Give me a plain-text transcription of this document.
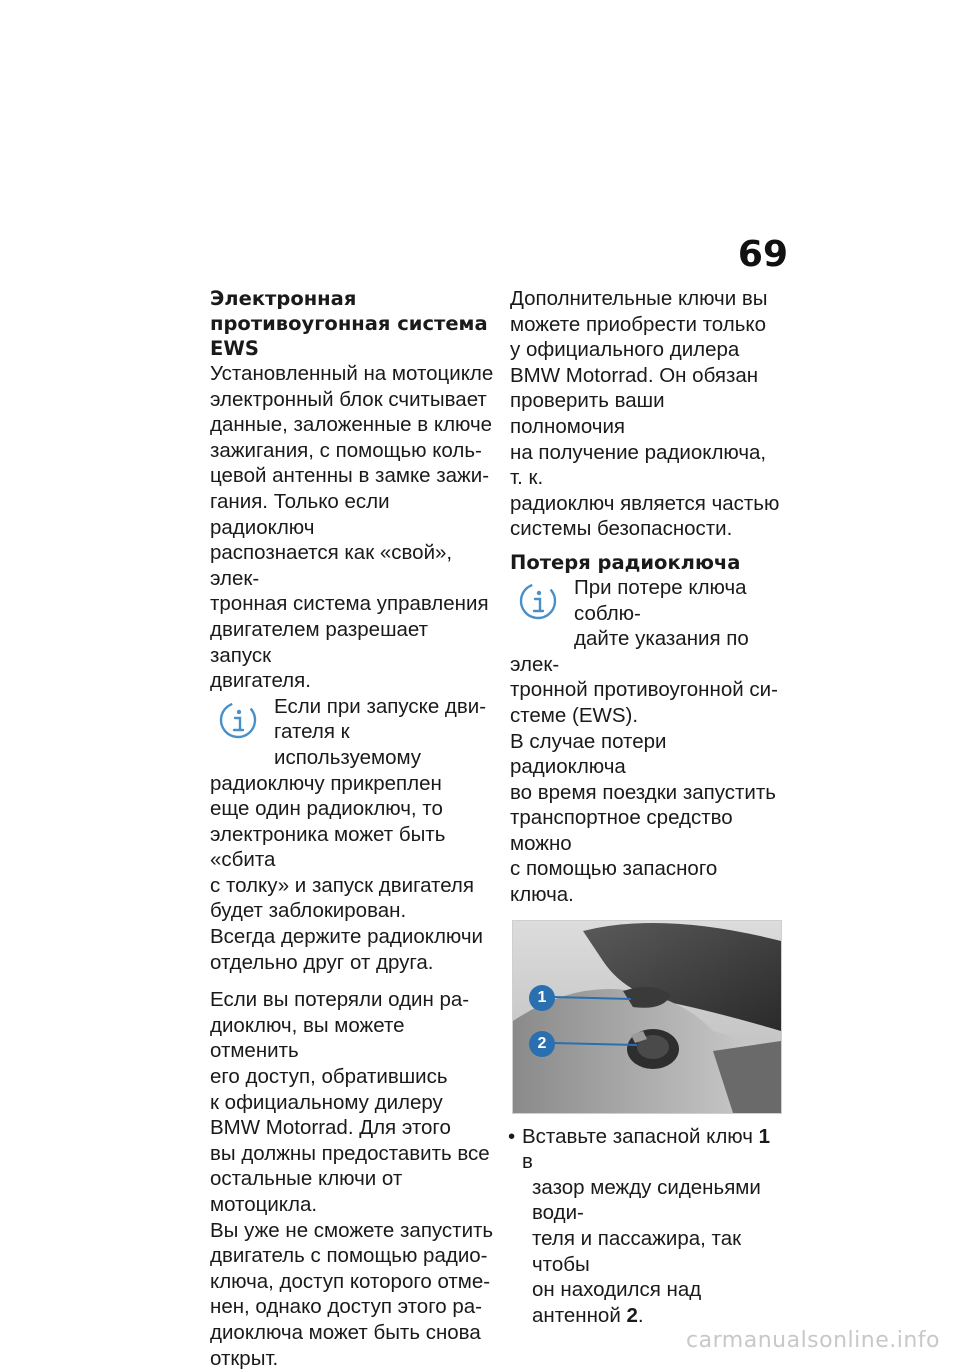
69

Электронная
противоугонная система
EWS

Установленный на мотоцикле
электронный блок считывает
данные, заложенные в ключе
зажигания, с помощью коль-
цевой антенны в замке зажи-
гания. Только если радиоключ
распознается как «свой», элек-
тронная система управления
двигателем разрешает запуск
двигателя.

Если при запуске дви-
гателя к используемому
радиоключу прикреплен
еще один радиоключ, то
электроника может быть «сбита
с толку» и запуск двигателя
будет заблокирован.
Всегда держите радиоключи
отдельно друг от друга.

Если вы потеряли один ра-
диоключ, вы можете отменить
его доступ, обратившись
к официальному дилеру
BMW Motorrad. Для этого
вы должны предоставить все
остальные ключи от мотоцикла.
Вы уже не сможете запустить
двигатель с помощью радио-
ключа, доступ которого отме-
нен, однако доступ этого ра-
диоключа может быть снова
открыт.

Дополнительные ключи вы
можете приобрести только
у официального дилера
BMW Motorrad. Он обязан
проверить ваши полномочия
на получение радиоключа, т. к.
радиоключ является частью
системы безопасности.

Потеря радиоключа

При потере ключа соблю-
дайте указания по элек-
тронной противоугонной си-
стеме (EWS).

В случае потери радиоключа
во время поездки запустить
транспортное средство можно
с помощью запасного ключа.

1
2
• Вставьте запасной ключ 1 в

зазор между сиденьями води-
теля и пассажира, так чтобы
он находился над антенной 2.
carmanualsonline.info
